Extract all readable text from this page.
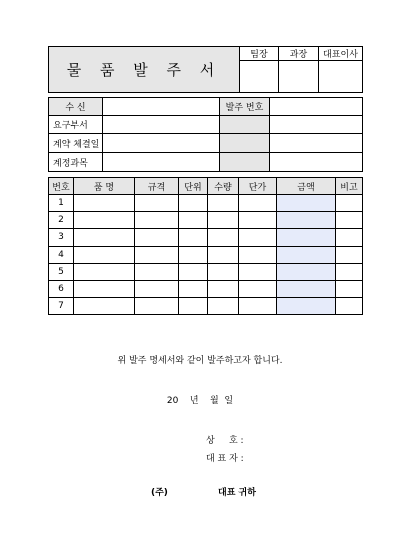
물 품 발 주 서	팀장	과장	대표이사

수 신		발주 번호	
요구부서			
계약 체결일			
계정과목			
번호	품 명	규격	단위	수량	단가	금액	비고
1							
2							
3							
4							
5							
6							
7							
위 발주 명세서와 같이 발주하고자 합니다.
20    년    월  일
상     호 :
대 표 자 :
(주)	대표 귀하
